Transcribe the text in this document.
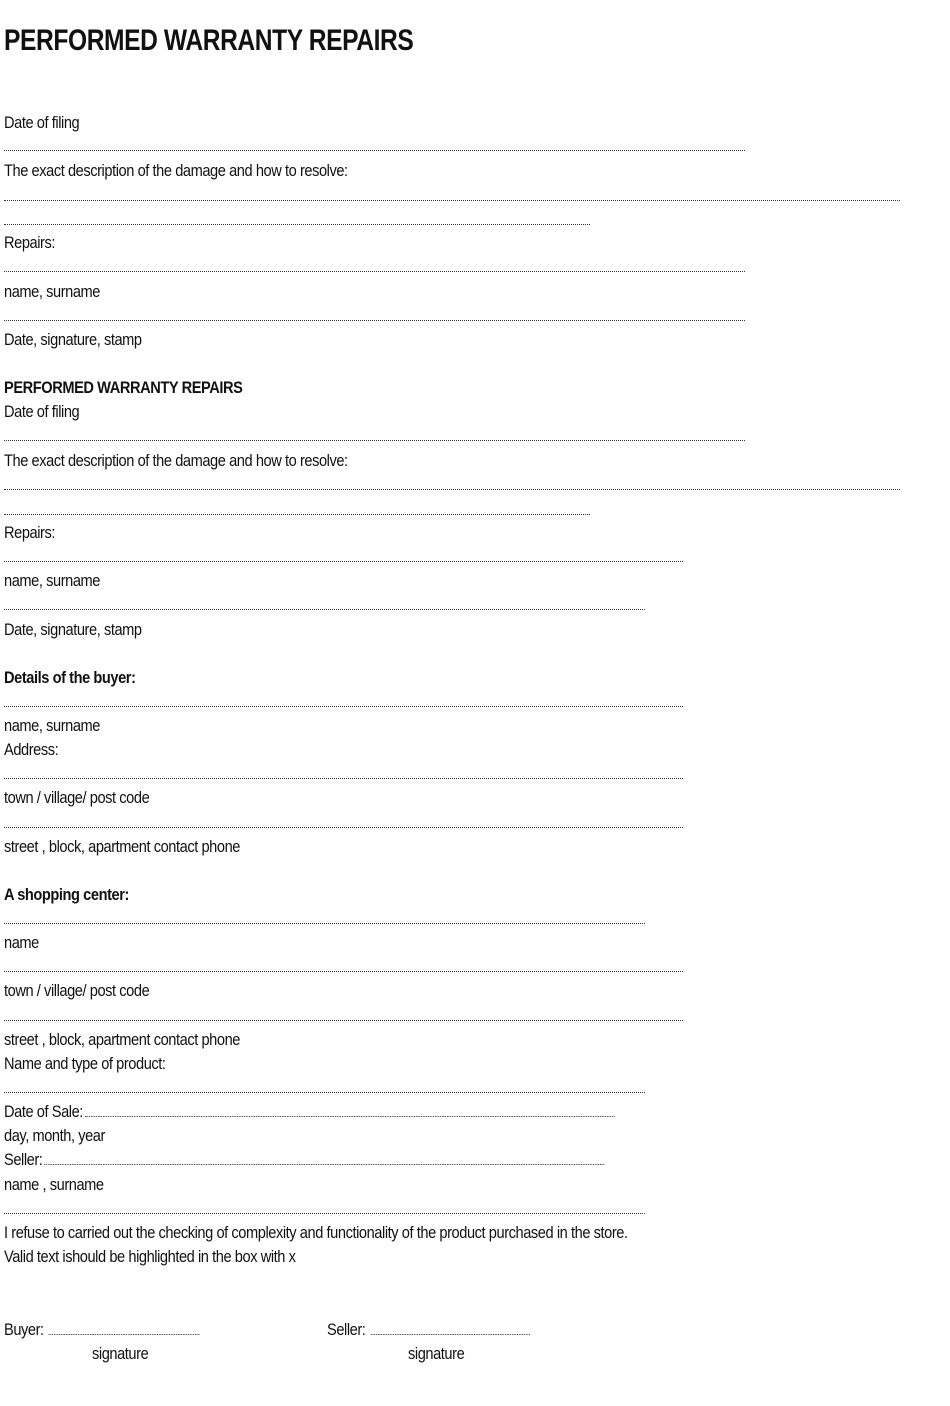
PERFORMED WARRANTY REPAIRS
Date of filing
The exact description of the damage and how to resolve:
Repairs:
name, surname
Date, signature, stamp
PERFORMED WARRANTY REPAIRS
Date of filing
The exact description of the damage and how to resolve:
Repairs:
name, surname
Date, signature, stamp
Details of the buyer:
name, surname
Address:
town / village/ post code
street , block, apartment contact phone
A shopping center:
name
town / village/ post code
street , block, apartment contact phone
Name and type of product:
Date of Sale:
day, month, year
Seller:
name , surname
I refuse to carried out the checking of complexity and functionality of the product purchased in the store.
Valid text ishould be highlighted in the box with x
Buyer:	Seller:
signature	signature
